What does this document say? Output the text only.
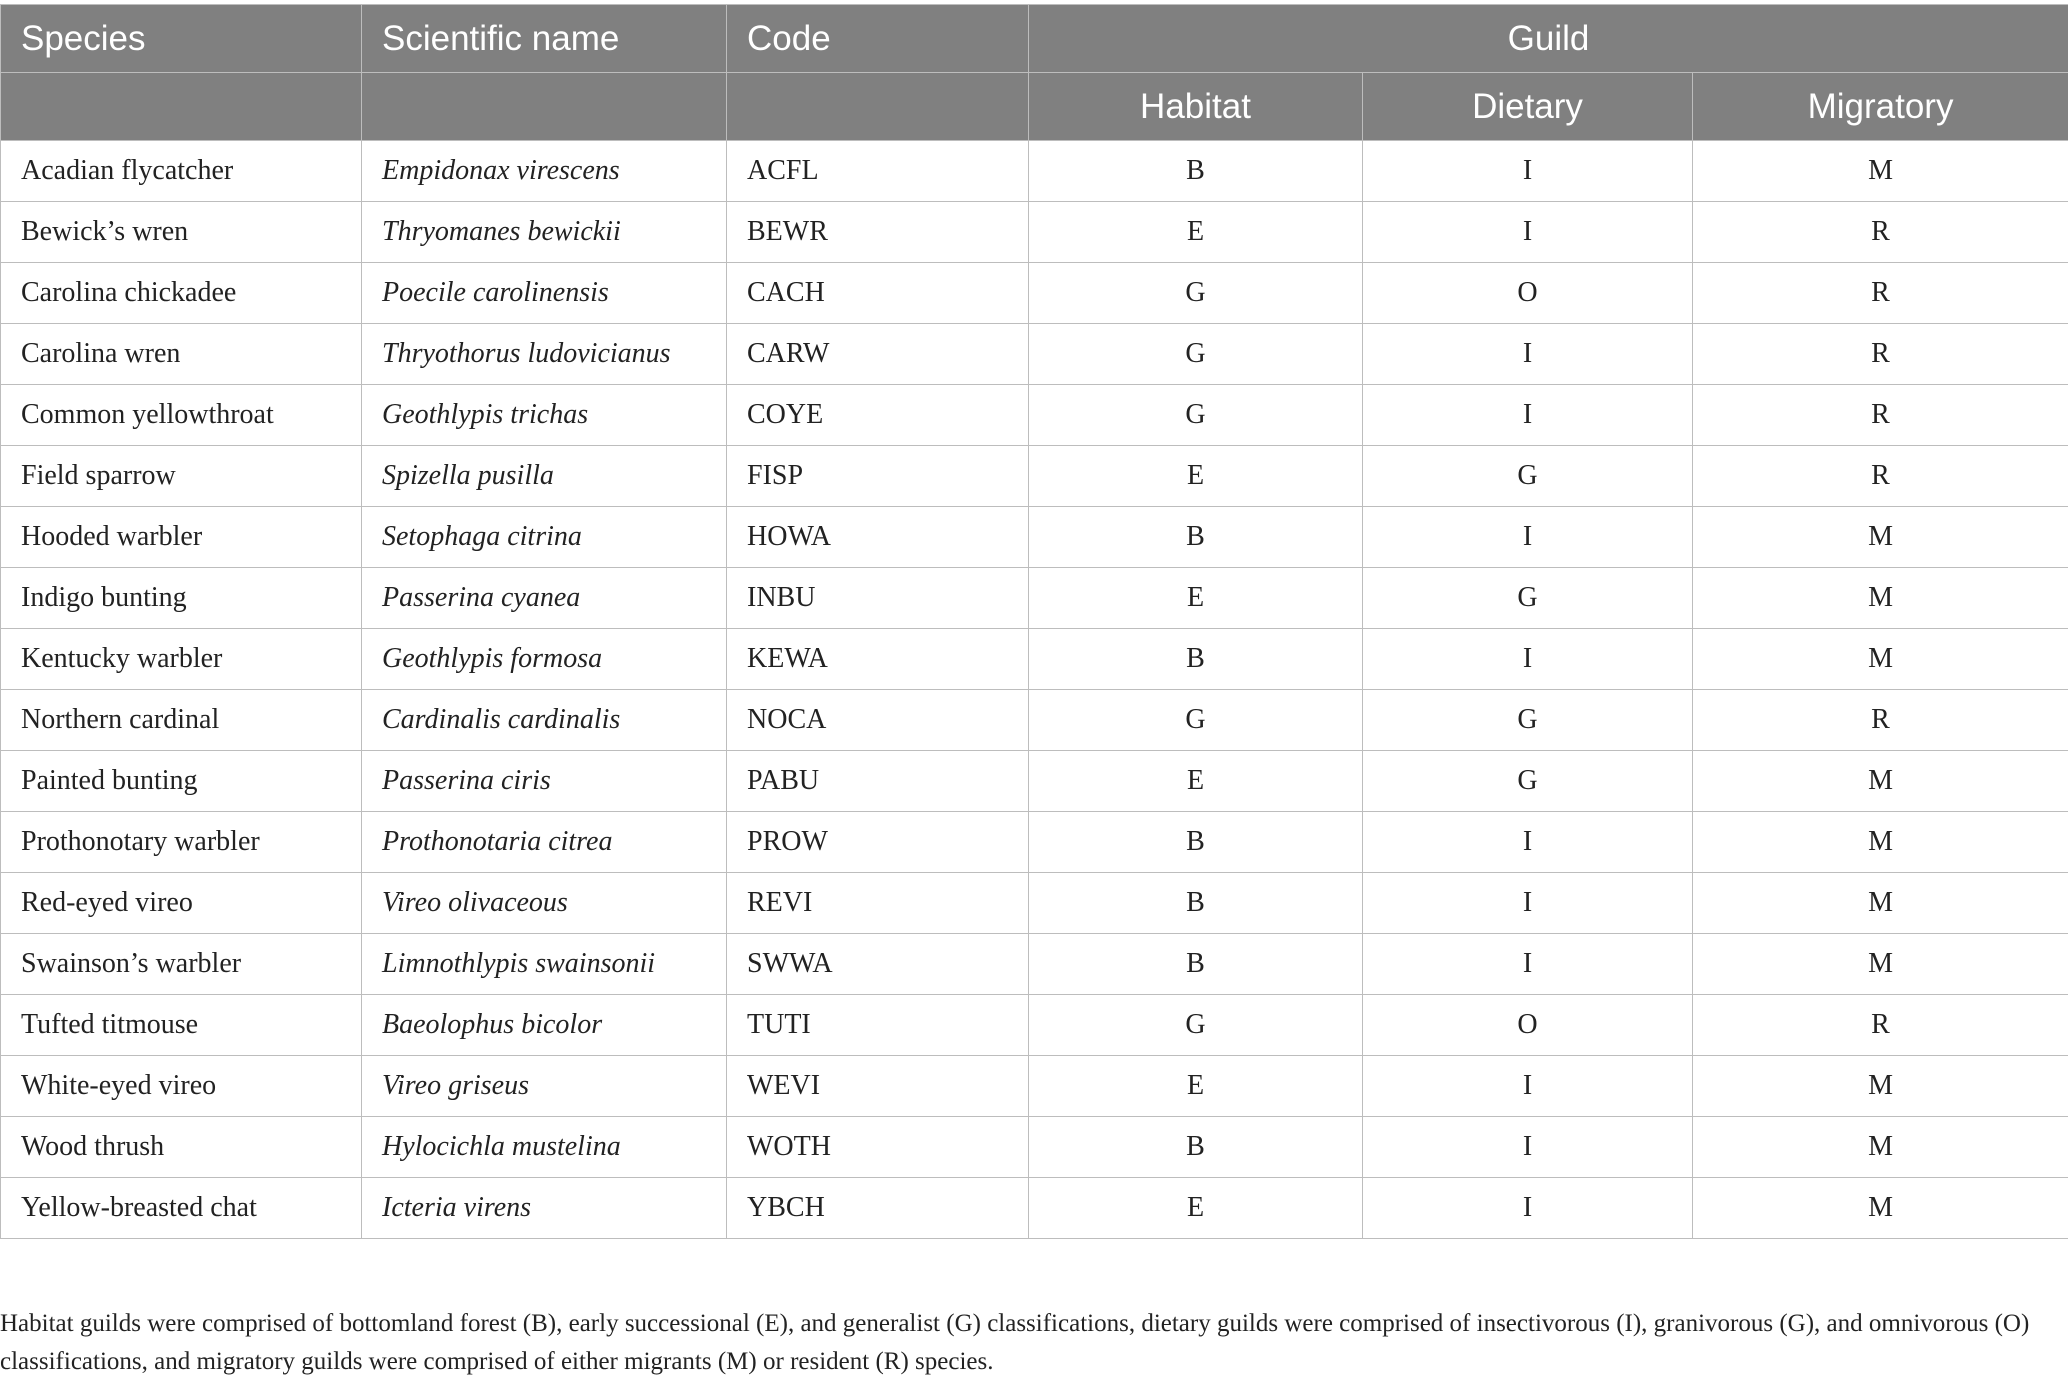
Species	Scientific name	Code	Guild		
			Habitat	Dietary	Migratory
Acadian flycatcher	Empidonax virescens	ACFL	B	I	M
Bewick’s wren	Thryomanes bewickii	BEWR	E	I	R
Carolina chickadee	Poecile carolinensis	CACH	G	O	R
Carolina wren	Thryothorus ludovicianus	CARW	G	I	R
Common yellowthroat	Geothlypis trichas	COYE	G	I	R
Field sparrow	Spizella pusilla	FISP	E	G	R
Hooded warbler	Setophaga citrina	HOWA	B	I	M
Indigo bunting	Passerina cyanea	INBU	E	G	M
Kentucky warbler	Geothlypis formosa	KEWA	B	I	M
Northern cardinal	Cardinalis cardinalis	NOCA	G	G	R
Painted bunting	Passerina ciris	PABU	E	G	M
Prothonotary warbler	Prothonotaria citrea	PROW	B	I	M
Red-eyed vireo	Vireo olivaceous	REVI	B	I	M
Swainson’s warbler	Limnothlypis swainsonii	SWWA	B	I	M
Tufted titmouse	Baeolophus bicolor	TUTI	G	O	R
White-eyed vireo	Vireo griseus	WEVI	E	I	M
Wood thrush	Hylocichla mustelina	WOTH	B	I	M
Yellow-breasted chat	Icteria virens	YBCH	E	I	M
Habitat guilds were comprised of bottomland forest (B), early successional (E), and generalist (G) classifications, dietary guilds were comprised of insectivorous (I), granivorous (G), and omnivorous (O) classifications, and migratory guilds were comprised of either migrants (M) or resident (R) species.
